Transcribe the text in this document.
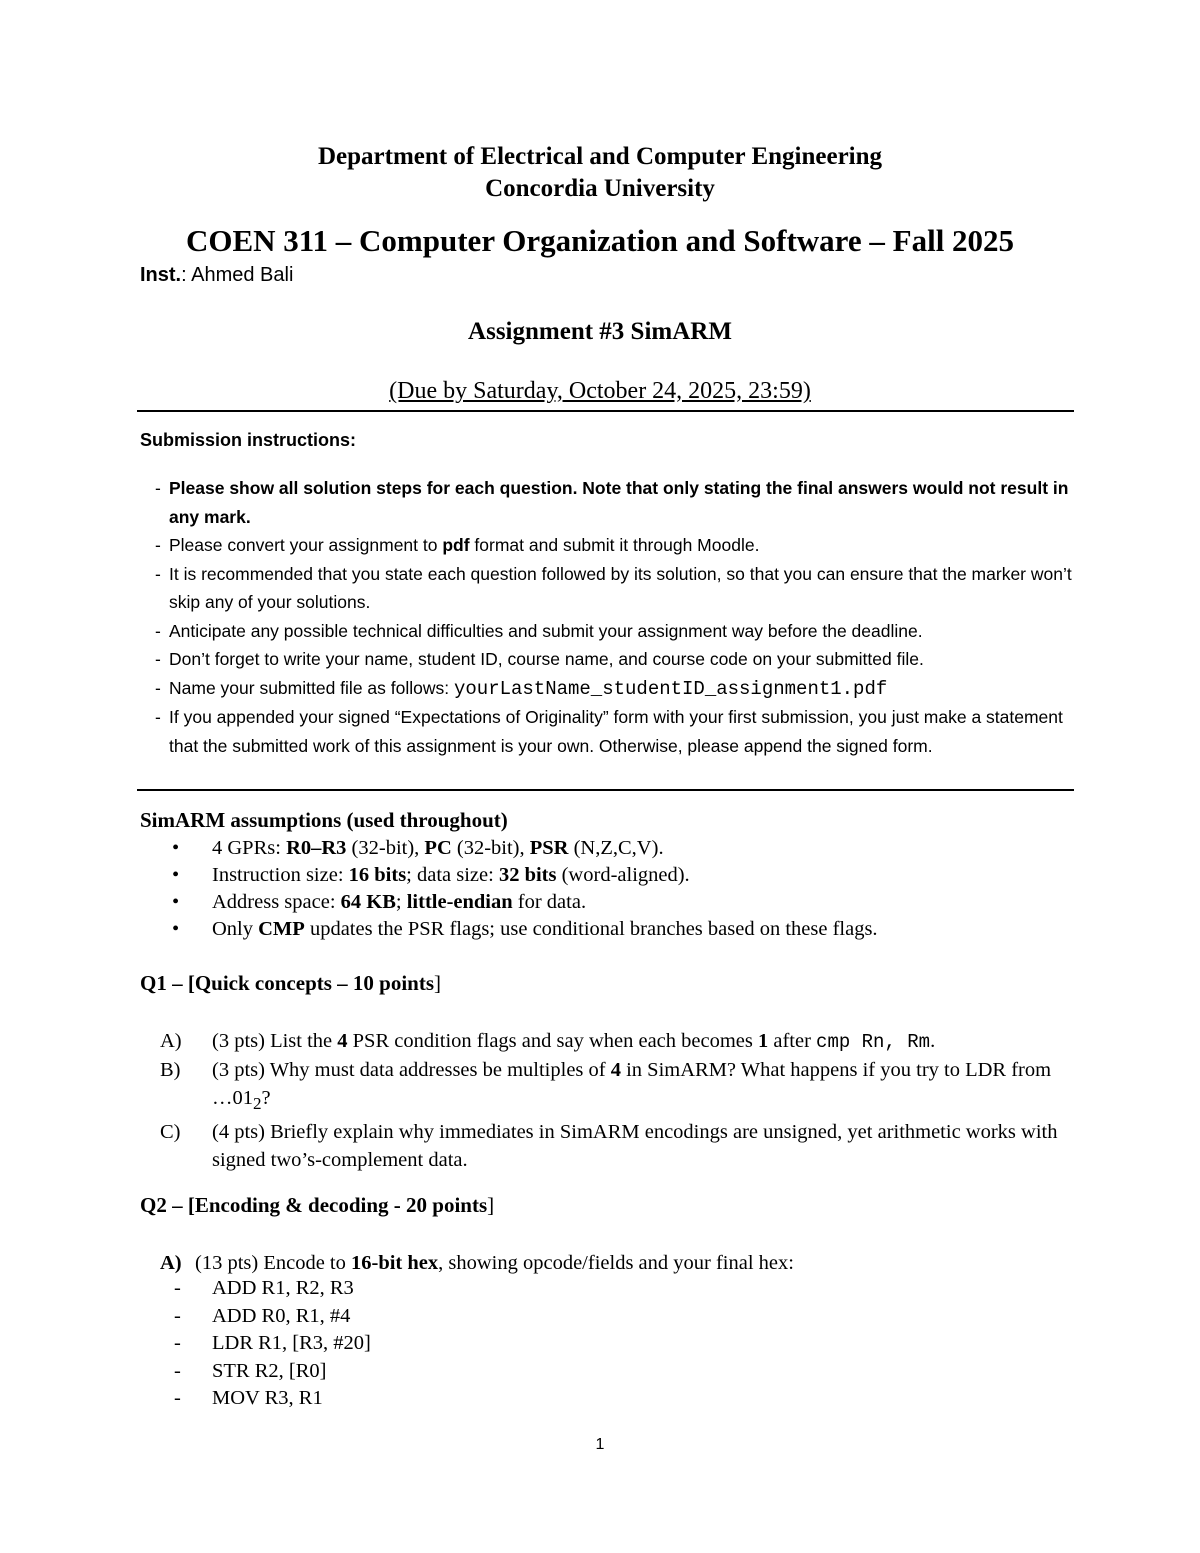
Department of Electrical and Computer Engineering
Concordia University
COEN 311 – Computer Organization and Software – Fall 2025
Inst.: Ahmed Bali
Assignment #3 SimARM
(Due by Saturday, October 24, 2025, 23:59)
Submission instructions:
- Please show all solution steps for each question. Note that only stating the final answers would not result in any mark.
- Please convert your assignment to pdf format and submit it through Moodle.
- It is recommended that you state each question followed by its solution, so that you can ensure that the marker won’t skip any of your solutions.
- Anticipate any possible technical difficulties and submit your assignment way before the deadline.
- Don’t forget to write your name, student ID, course name, and course code on your submitted file.
- Name your submitted file as follows: yourLastName_studentID_assignment1.pdf
- If you appended your signed “Expectations of Originality” form with your first submission, you just make a statement that the submitted work of this assignment is your own. Otherwise, please append the signed form.
SimARM assumptions (used throughout)
• 4 GPRs: R0–R3 (32-bit), PC (32-bit), PSR (N,Z,C,V).
• Instruction size: 16 bits; data size: 32 bits (word-aligned).
• Address space: 64 KB; little-endian for data.
• Only CMP updates the PSR flags; use conditional branches based on these flags.
Q1 – [Quick concepts – 10 points]
A) (3 pts) List the 4 PSR condition flags and say when each becomes 1 after cmp Rn, Rm.
B) (3 pts) Why must data addresses be multiples of 4 in SimARM? What happens if you try to LDR from $\dots 01_2$?
C) (4 pts) Briefly explain why immediates in SimARM encodings are unsigned, yet arithmetic works with signed two’s-complement data.
Q2 – [Encoding & decoding - 20 points]
A) (13 pts) Encode to 16-bit hex, showing opcode/fields and your final hex:
- ADD R1, R2, R3
- ADD R0, R1, #4
- LDR R1, [R3, #20]
- STR R2, [R0]
- MOV R3, R1
1
